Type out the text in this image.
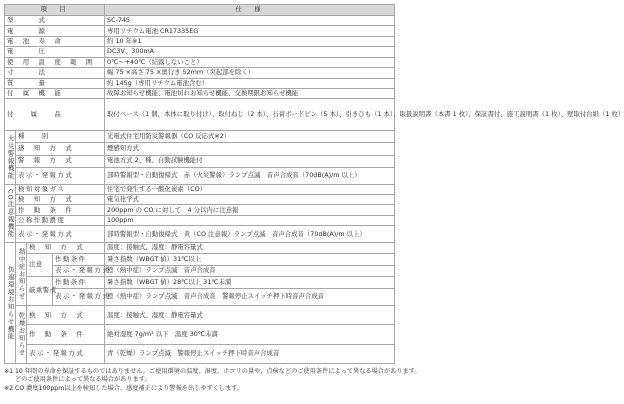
項　目				仕　様
型　　　式				SC-745
電　　　源				専用リチウム電池 CR17335EG
電　池　寿　命				約 10 年※1
電　　　圧				DC3V、300mA
使　用　温　度　範　囲				0℃～+40℃（結露しないこと）
寸　　　法				幅 75 ×高さ 75 ×奥行き 52mm（突起部を除く）
質　　　量				約 145g（専用リチウム電池含む）
付　属　機　能				故障お知らせ機能、電池切れお知らせ機能、交換期限お知らせ機能
付　　属　　品				取付ベース（1 個、本体に取り付け）、取付ねじ（2 本）、石膏ボードピン（5 本）、引きひも（1 本）、取扱説明書（本書 1 枚）、保証書付、施工説明書（1 枚）、壁取付台紙（1 枚）
火災警報機能	種　　別			光電式住宅用防災警報器（CO 反応式※2）
	感　知　方　式			煙感知方式
	警　報　方　式			電池方式 2、種、自動試験機能付
	表示・発報方式			部時警報型・自動復帰式　赤（火災警報）ランプ点滅　音声合成音（70dB(A)/m 以上）
CO注意報機能	検知対象ガス			住宅で発生する一酸化炭素（CO）
	検　知　方　式			電気化学式
	作　動　条　件			200ppm の CO に対して　4 分以内に注意報
	公称作動濃度			100ppm
	表示・発報方式			部時警報型・自動復帰式　黄（CO 注意報）ランプ点滅　音声合成音（70dB(A)/m 以上）
快適環境お知らせ機能	熱中症お知らせ	検　知　方　式		温度：接触式、湿度：静電容量式
		注意	作動条件	暑さ指数（WBGT 値）31℃以上
			表示・発報方式	橙（熱中症）ランプ点滅　音声合成音
		厳重警戒	作動条件	暑さ指数（WBGT 値）28℃以上 31℃未満
			表示・発報方式	橙（熱中症）ランプ点滅　音声合成音　警報停止スイッチ押下時音声合成音
	乾燥お知らせ	検　知　方　式		温度：接触式、湿度：静電容量式
		作　動　条　件		絶対湿度 7g/m³ 以下　温度 30℃未満
		表示・発報方式		青（乾燥）ランプ点滅　警報停止スイッチ押下時音声合成音
※1 10 年間の寿命を保証するものではありません。ご使用環境の温度、湿度、ホコリの量や、点検などのご使用条件によって異なる場合があります。
どのご使用条件によって異なる場合があります。
※2 CO 濃度100ppm以上を検知した場合、感度補正により警報を出しやすくします。
